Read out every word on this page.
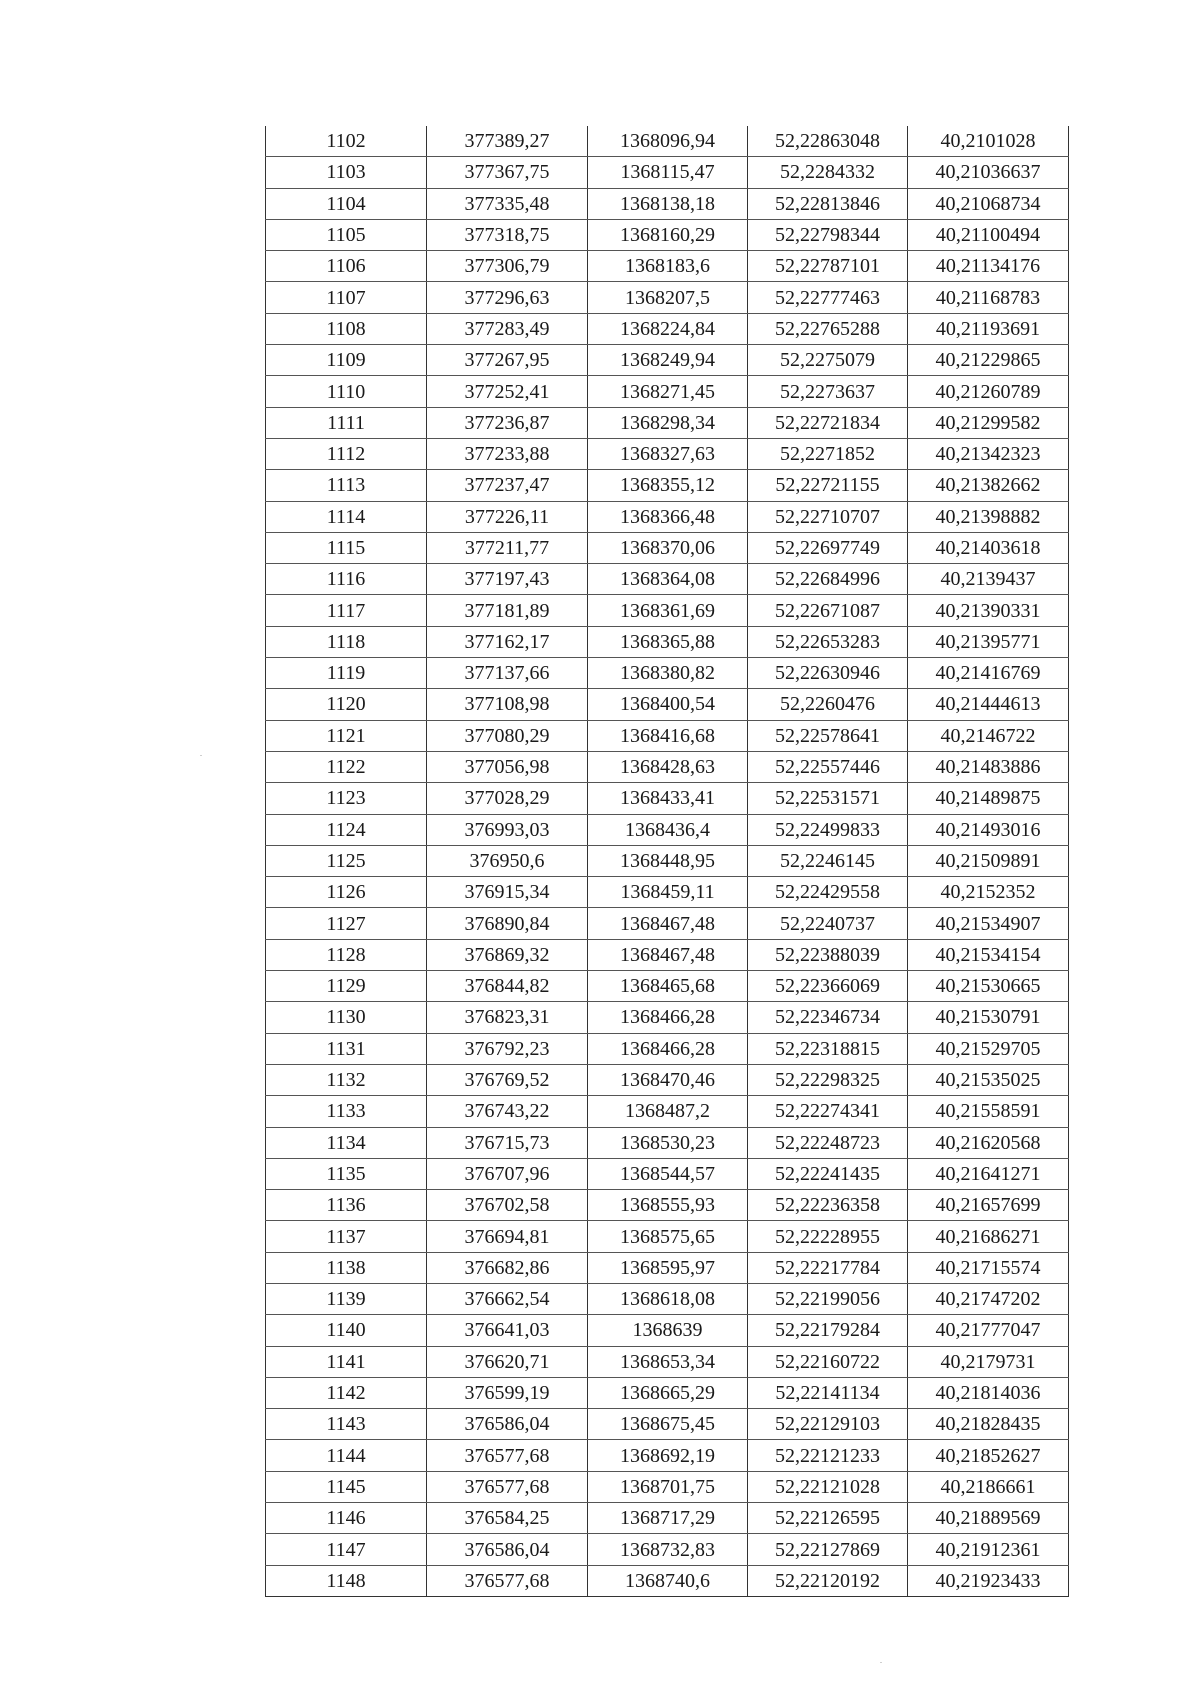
1102	377389,27	1368096,94	52,22863048	40,2101028
1103	377367,75	1368115,47	52,2284332	40,21036637
1104	377335,48	1368138,18	52,22813846	40,21068734
1105	377318,75	1368160,29	52,22798344	40,21100494
1106	377306,79	1368183,6	52,22787101	40,21134176
1107	377296,63	1368207,5	52,22777463	40,21168783
1108	377283,49	1368224,84	52,22765288	40,21193691
1109	377267,95	1368249,94	52,2275079	40,21229865
1110	377252,41	1368271,45	52,2273637	40,21260789
1111	377236,87	1368298,34	52,22721834	40,21299582
1112	377233,88	1368327,63	52,2271852	40,21342323
1113	377237,47	1368355,12	52,22721155	40,21382662
1114	377226,11	1368366,48	52,22710707	40,21398882
1115	377211,77	1368370,06	52,22697749	40,21403618
1116	377197,43	1368364,08	52,22684996	40,2139437
1117	377181,89	1368361,69	52,22671087	40,21390331
1118	377162,17	1368365,88	52,22653283	40,21395771
1119	377137,66	1368380,82	52,22630946	40,21416769
1120	377108,98	1368400,54	52,2260476	40,21444613
1121	377080,29	1368416,68	52,22578641	40,2146722
1122	377056,98	1368428,63	52,22557446	40,21483886
1123	377028,29	1368433,41	52,22531571	40,21489875
1124	376993,03	1368436,4	52,22499833	40,21493016
1125	376950,6	1368448,95	52,2246145	40,21509891
1126	376915,34	1368459,11	52,22429558	40,2152352
1127	376890,84	1368467,48	52,2240737	40,21534907
1128	376869,32	1368467,48	52,22388039	40,21534154
1129	376844,82	1368465,68	52,22366069	40,21530665
1130	376823,31	1368466,28	52,22346734	40,21530791
1131	376792,23	1368466,28	52,22318815	40,21529705
1132	376769,52	1368470,46	52,22298325	40,21535025
1133	376743,22	1368487,2	52,22274341	40,21558591
1134	376715,73	1368530,23	52,22248723	40,21620568
1135	376707,96	1368544,57	52,22241435	40,21641271
1136	376702,58	1368555,93	52,22236358	40,21657699
1137	376694,81	1368575,65	52,22228955	40,21686271
1138	376682,86	1368595,97	52,22217784	40,21715574
1139	376662,54	1368618,08	52,22199056	40,21747202
1140	376641,03	1368639	52,22179284	40,21777047
1141	376620,71	1368653,34	52,22160722	40,2179731
1142	376599,19	1368665,29	52,22141134	40,21814036
1143	376586,04	1368675,45	52,22129103	40,21828435
1144	376577,68	1368692,19	52,22121233	40,21852627
1145	376577,68	1368701,75	52,22121028	40,2186661
1146	376584,25	1368717,29	52,22126595	40,21889569
1147	376586,04	1368732,83	52,22127869	40,21912361
1148	376577,68	1368740,6	52,22120192	40,21923433
